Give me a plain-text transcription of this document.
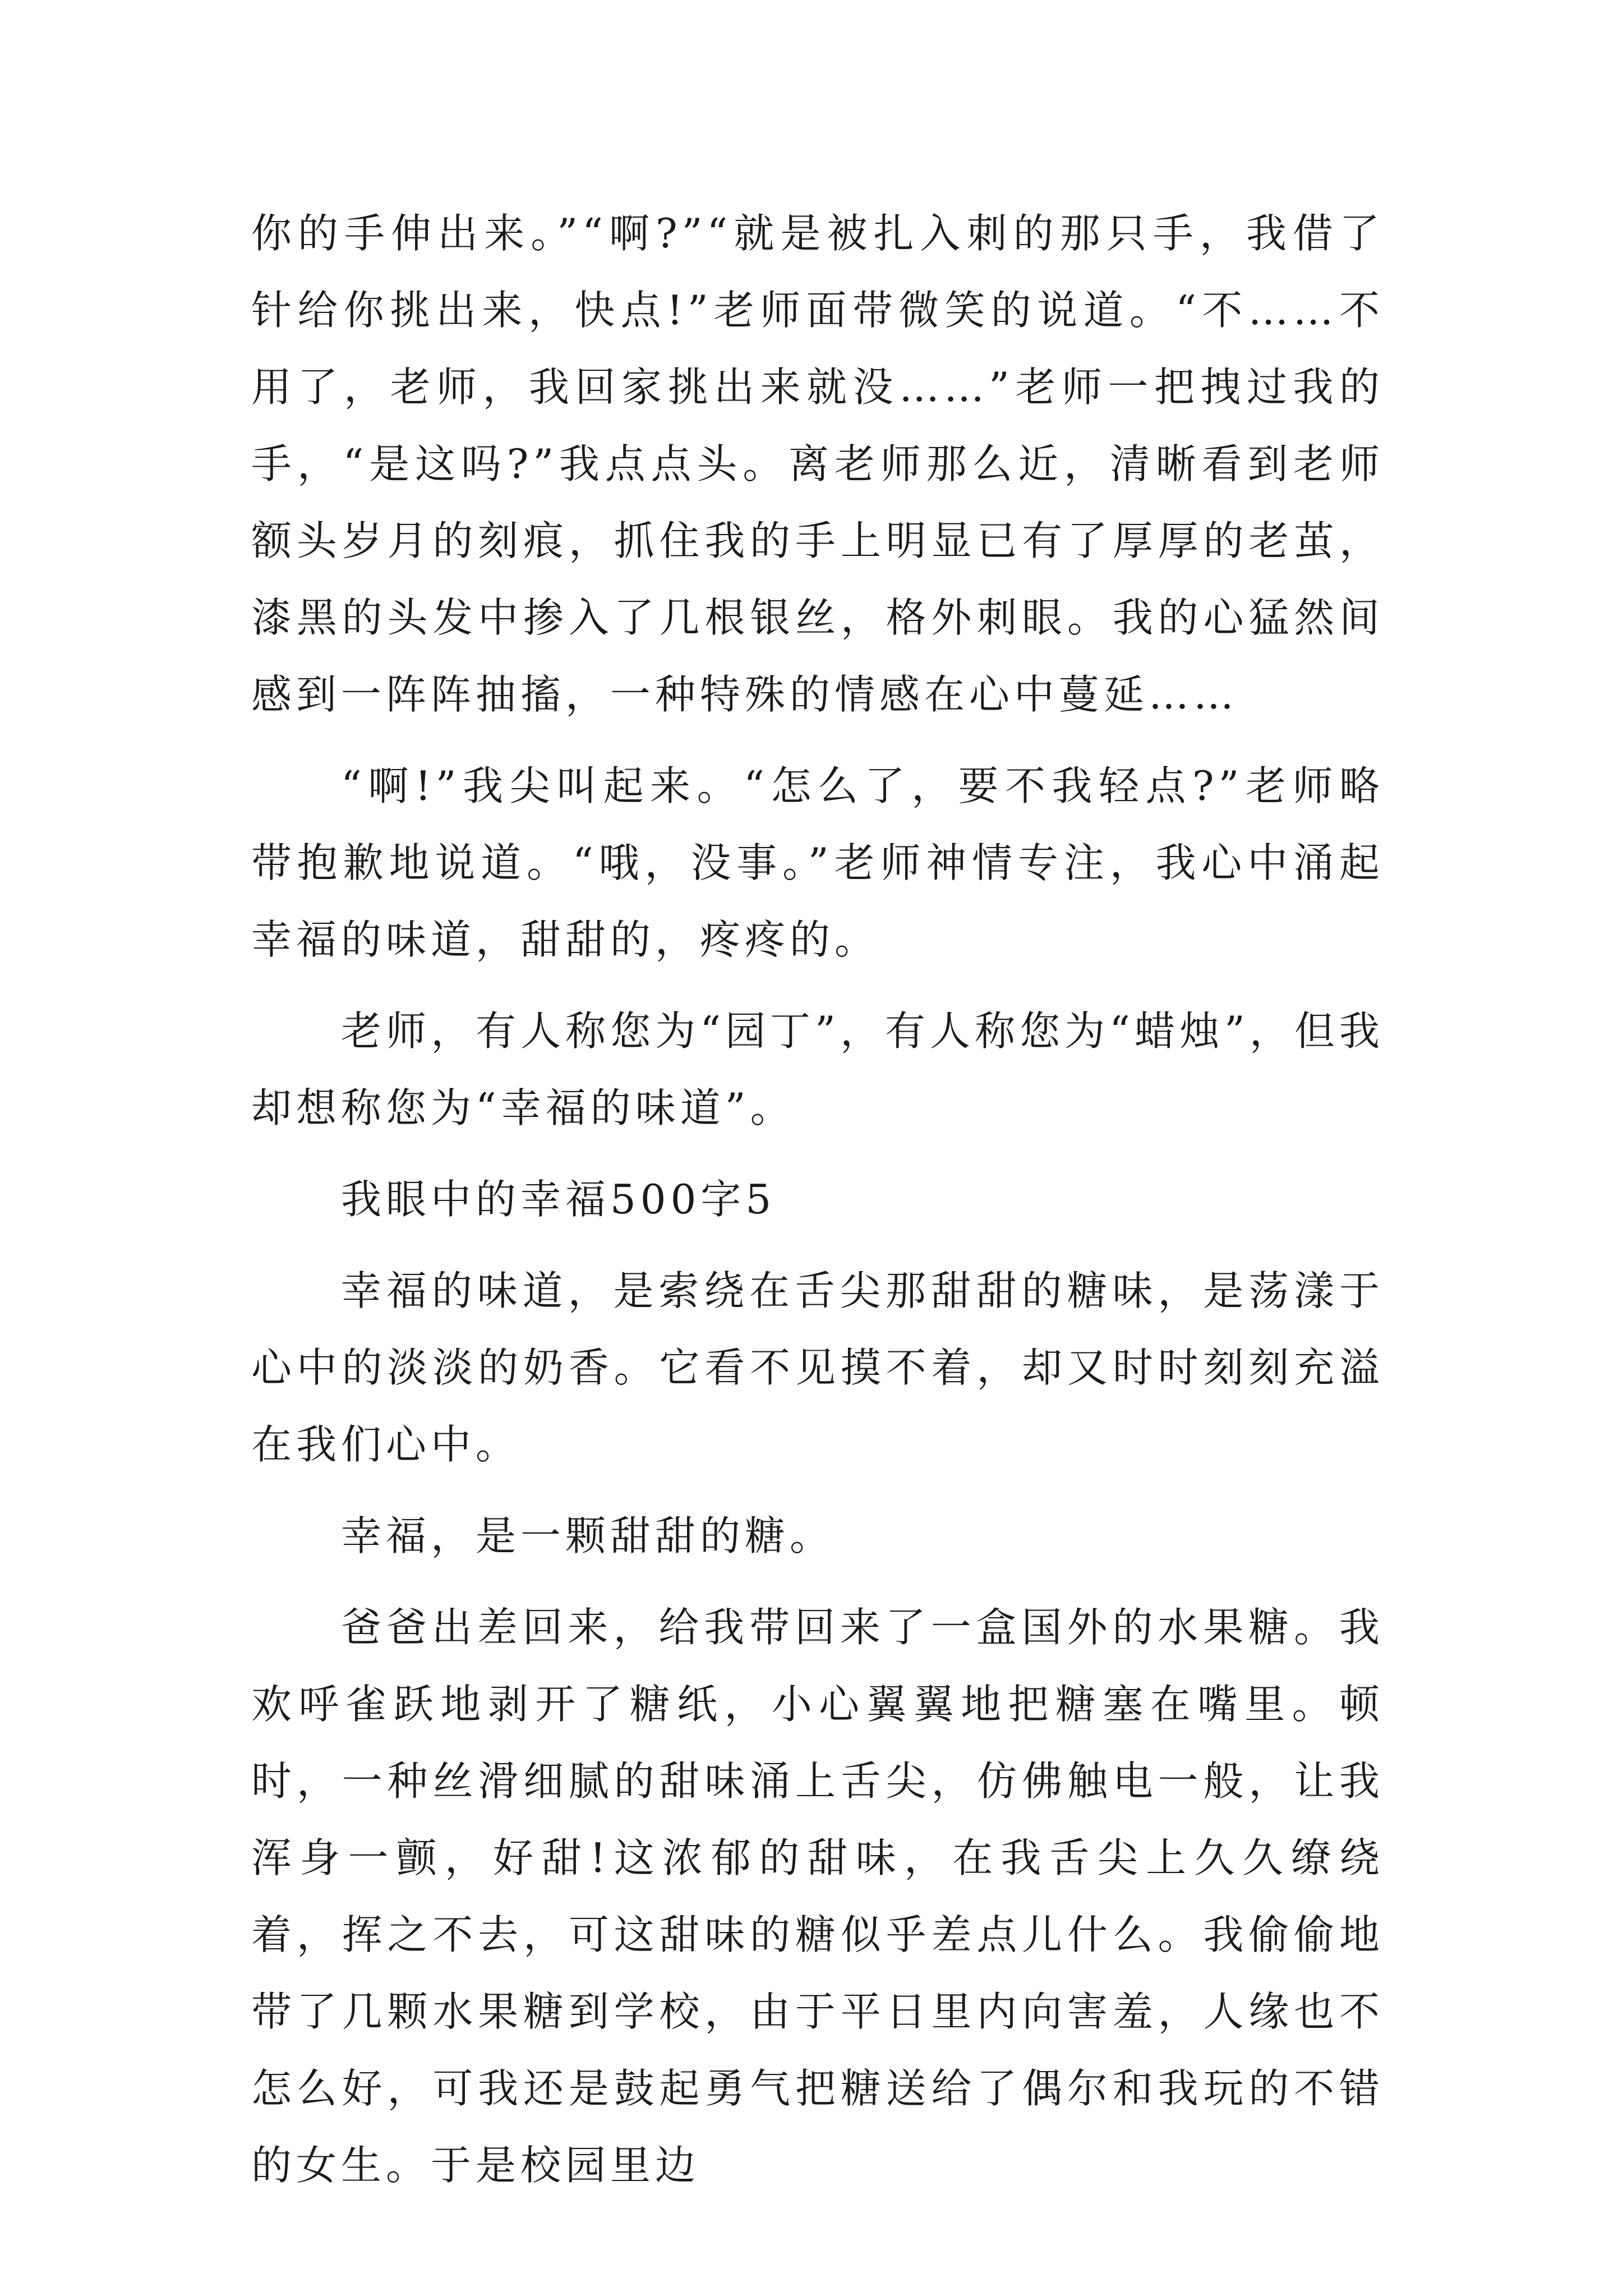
你的手伸出来。”“啊?”“就是被扎入刺的那只手，我借了针给你挑出来，快点!”老师面带微笑的说道。“不……不用了，老师，我回家挑出来就没……”老师一把拽过我的手，“是这吗?”我点点头。离老师那么近，清晰看到老师额头岁月的刻痕，抓住我的手上明显已有了厚厚的老茧，漆黑的头发中掺入了几根银丝，格外刺眼。我的心猛然间感到一阵阵抽搐，一种特殊的情感在心中蔓延……

“啊!”我尖叫起来。“怎么了，要不我轻点?”老师略带抱歉地说道。“哦，没事。”老师神情专注，我心中涌起幸福的味道，甜甜的，疼疼的。

老师，有人称您为“园丁”，有人称您为“蜡烛”，但我却想称您为“幸福的味道”。

我眼中的幸福500字5

幸福的味道，是索绕在舌尖那甜甜的糖味，是荡漾于心中的淡淡的奶香。它看不见摸不着，却又时时刻刻充溢在我们心中。

幸福，是一颗甜甜的糖。

爸爸出差回来，给我带回来了一盒国外的水果糖。我欢呼雀跃地剥开了糖纸，小心翼翼地把糖塞在嘴里。顿时，一种丝滑细腻的甜味涌上舌尖，仿佛触电一般，让我浑身一颤，好甜!这浓郁的甜味，在我舌尖上久久缭绕着，挥之不去，可这甜味的糖似乎差点儿什么。我偷偷地带了几颗水果糖到学校，由于平日里内向害羞，人缘也不怎么好，可我还是鼓起勇气把糖送给了偶尔和我玩的不错的女生。于是校园里边
